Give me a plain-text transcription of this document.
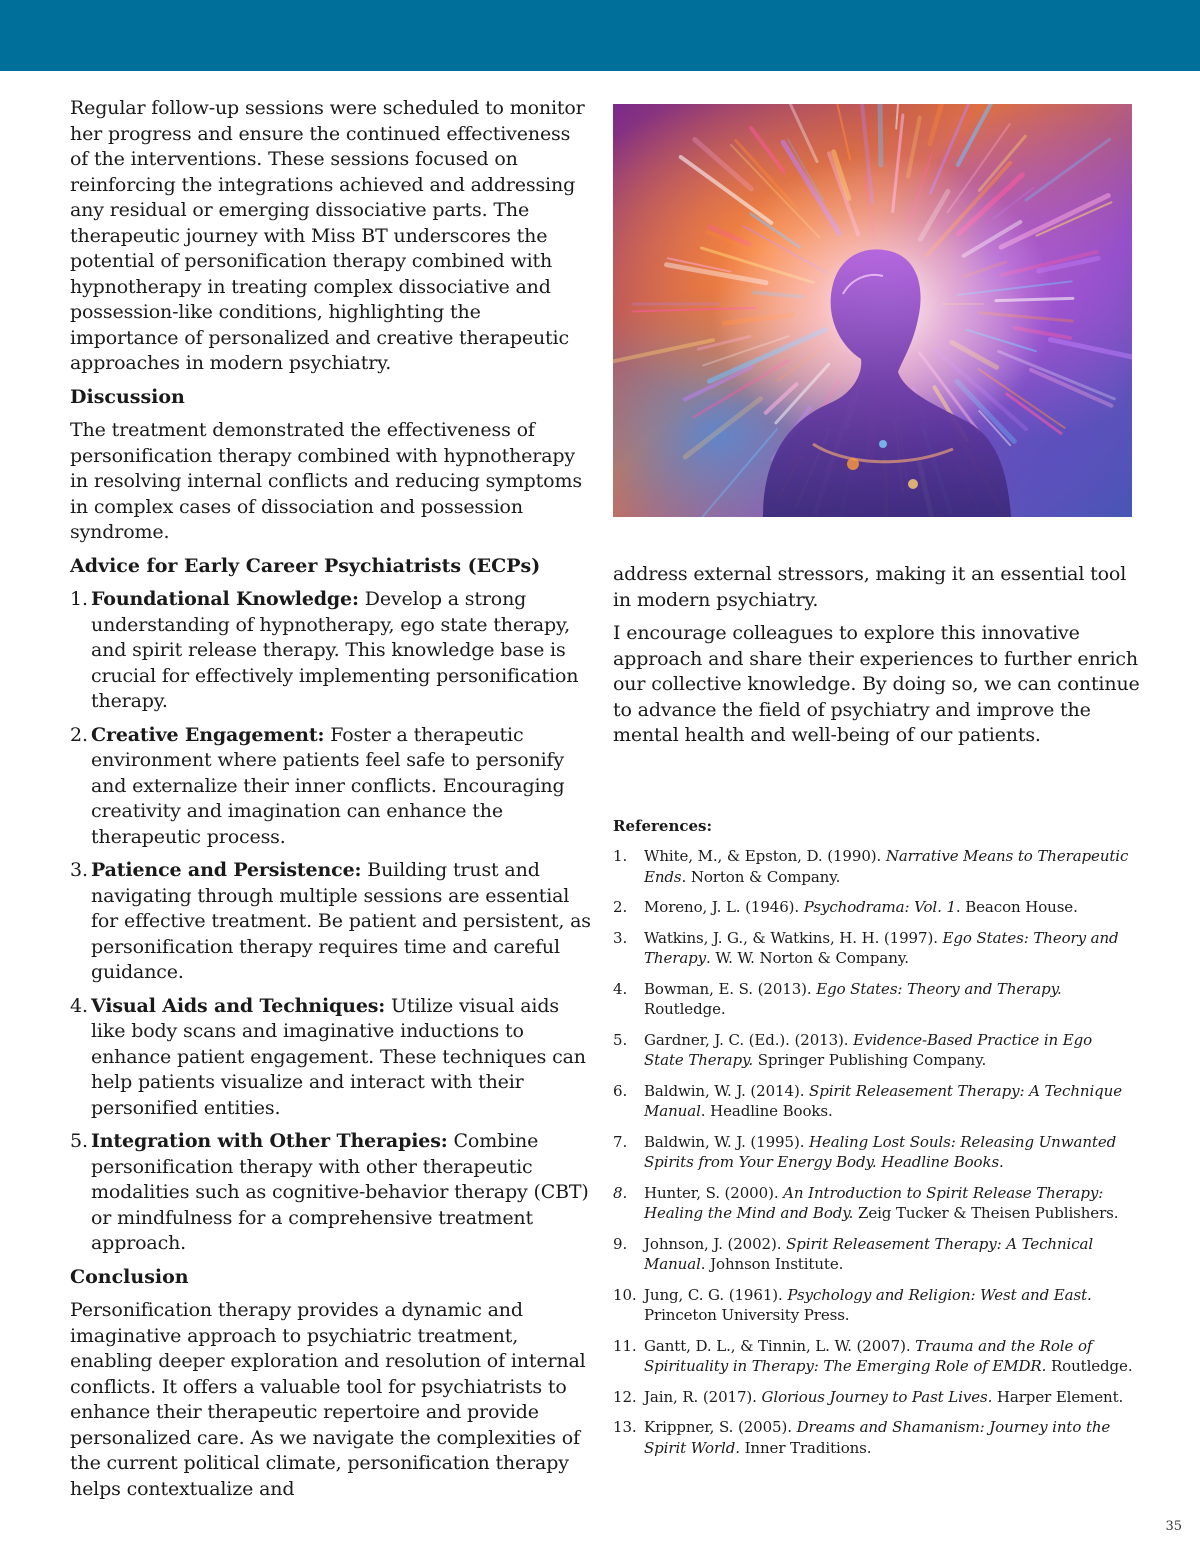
Regular follow-up sessions were scheduled to monitor her progress and ensure the continued effectiveness of the interventions. These sessions focused on reinforcing the integrations achieved and addressing any residual or emerging dissociative parts. The therapeutic journey with Miss BT underscores the potential of personification therapy combined with hypnotherapy in treating complex dissociative and possession-like conditions, highlighting the importance of personalized and creative therapeutic approaches in modern psychiatry.

Discussion

The treatment demonstrated the effectiveness of personification therapy combined with hypnotherapy in resolving internal conflicts and reducing symptoms in complex cases of dissociation and possession syndrome.

Advice for Early Career Psychiatrists (ECPs)
1. Foundational Knowledge: Develop a strong understanding of hypnotherapy, ego state therapy, and spirit release therapy. This knowledge base is crucial for effectively implementing personification therapy.
2. Creative Engagement: Foster a therapeutic environment where patients feel safe to personify and externalize their inner conflicts. Encouraging creativity and imagination can enhance the therapeutic process.
3. Patience and Persistence: Building trust and navigating through multiple sessions are essential for effective treatment. Be patient and persistent, as personification therapy requires time and careful guidance.
4. Visual Aids and Techniques: Utilize visual aids like body scans and imaginative inductions to enhance patient engagement. These techniques can help patients visualize and interact with their personified entities.
5. Integration with Other Therapies: Combine personification therapy with other therapeutic modalities such as cognitive-behavior therapy (CBT) or mindfulness for a comprehensive treatment approach.
Conclusion

Personification therapy provides a dynamic and imaginative approach to psychiatric treatment, enabling deeper exploration and resolution of internal conflicts. It offers a valuable tool for psychiatrists to enhance their therapeutic repertoire and provide personalized care. As we navigate the complexities of the current political climate, personification therapy helps contextualize and

address external stressors, making it an essential tool in modern psychiatry.

I encourage colleagues to explore this innovative approach and share their experiences to further enrich our collective knowledge. By doing so, we can continue to advance the field of psychiatry and improve the mental health and well-being of our patients.

References:
1. White, M., & Epston, D. (1990). Narrative Means to Therapeutic Ends. Norton & Company.
2. Moreno, J. L. (1946). Psychodrama: Vol. 1. Beacon House.
3. Watkins, J. G., & Watkins, H. H. (1997). Ego States: Theory and Therapy. W. W. Norton & Company.
4. Bowman, E. S. (2013). Ego States: Theory and Therapy. Routledge.
5. Gardner, J. C. (Ed.). (2013). Evidence-Based Practice in Ego State Therapy. Springer Publishing Company.
6. Baldwin, W. J. (2014). Spirit Releasement Therapy: A Technique Manual. Headline Books.
7. Baldwin, W. J. (1995). Healing Lost Souls: Releasing Unwanted Spirits from Your Energy Body. Headline Books.
8. Hunter, S. (2000). An Introduction to Spirit Release Therapy: Healing the Mind and Body. Zeig Tucker & Theisen Publishers.
9. Johnson, J. (2002). Spirit Releasement Therapy: A Technical Manual. Johnson Institute.
10. Jung, C. G. (1961). Psychology and Religion: West and East. Princeton University Press.
11. Gantt, D. L., & Tinnin, L. W. (2007). Trauma and the Role of Spirituality in Therapy: The Emerging Role of EMDR. Routledge.
12. Jain, R. (2017). Glorious Journey to Past Lives. Harper Element.
13. Krippner, S. (2005). Dreams and Shamanism: Journey into the Spirit World. Inner Traditions.
35
